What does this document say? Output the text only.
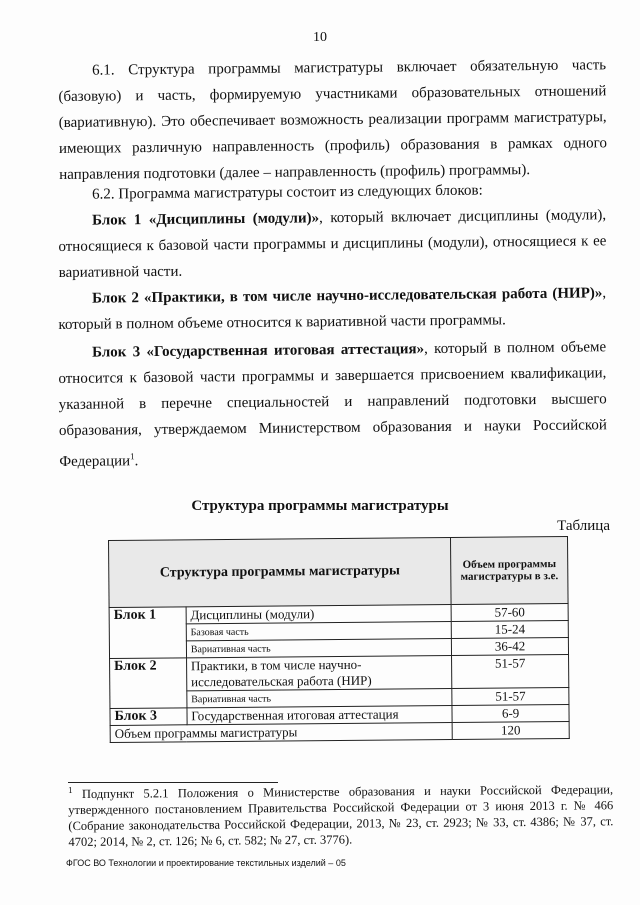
10
6.1. Структура программы магистратуры включает обязательную часть (базовую) и часть, формируемую участниками образовательных отношений (вариативную). Это обеспечивает возможность реализации программ магистратуры, имеющих различную направленность (профиль) образования в рамках одного направления подготовки (далее – направленность (профиль) программы).
6.2. Программа магистратуры состоит из следующих блоков:
Блок 1 «Дисциплины (модули)», который включает дисциплины (модули), относящиеся к базовой части программы и дисциплины (модули), относящиеся к ее вариативной части.
Блок 2 «Практики, в том числе научно-исследовательская работа (НИР)», который в полном объеме относится к вариативной части программы.
Блок 3 «Государственная итоговая аттестация», который в полном объеме относится к базовой части программы и завершается присвоением квалификации, указанной в перечне специальностей и направлений подготовки высшего образования, утверждаемом Министерством образования и науки Российской Федерации$^1$.
Структура программы магистратуры
Таблица
Структура программы магистратуры		Объем программы магистратуры в з.е.
Блок 1	Дисциплины (модули)	57-60
	Базовая часть	15-24
	Вариативная часть	36-42
Блок 2	Практики, в том числе научно-исследовательская работа (НИР)	51-57
	Вариативная часть	51-57
Блок 3	Государственная итоговая аттестация	6-9
Объем программы магистратуры		120
$^1$ Подпункт 5.2.1 Положения о Министерстве образования и науки Российской Федерации, утвержденного постановлением Правительства Российской Федерации от 3 июня 2013 г. № 466 (Собрание законодательства Российской Федерации, 2013, № 23, ст. 2923; № 33, ст. 4386; № 37, ст. 4702; 2014, № 2, ст. 126; № 6, ст. 582; № 27, ст. 3776).
ФГОС ВО Технологии и проектирование текстильных изделий – 05
